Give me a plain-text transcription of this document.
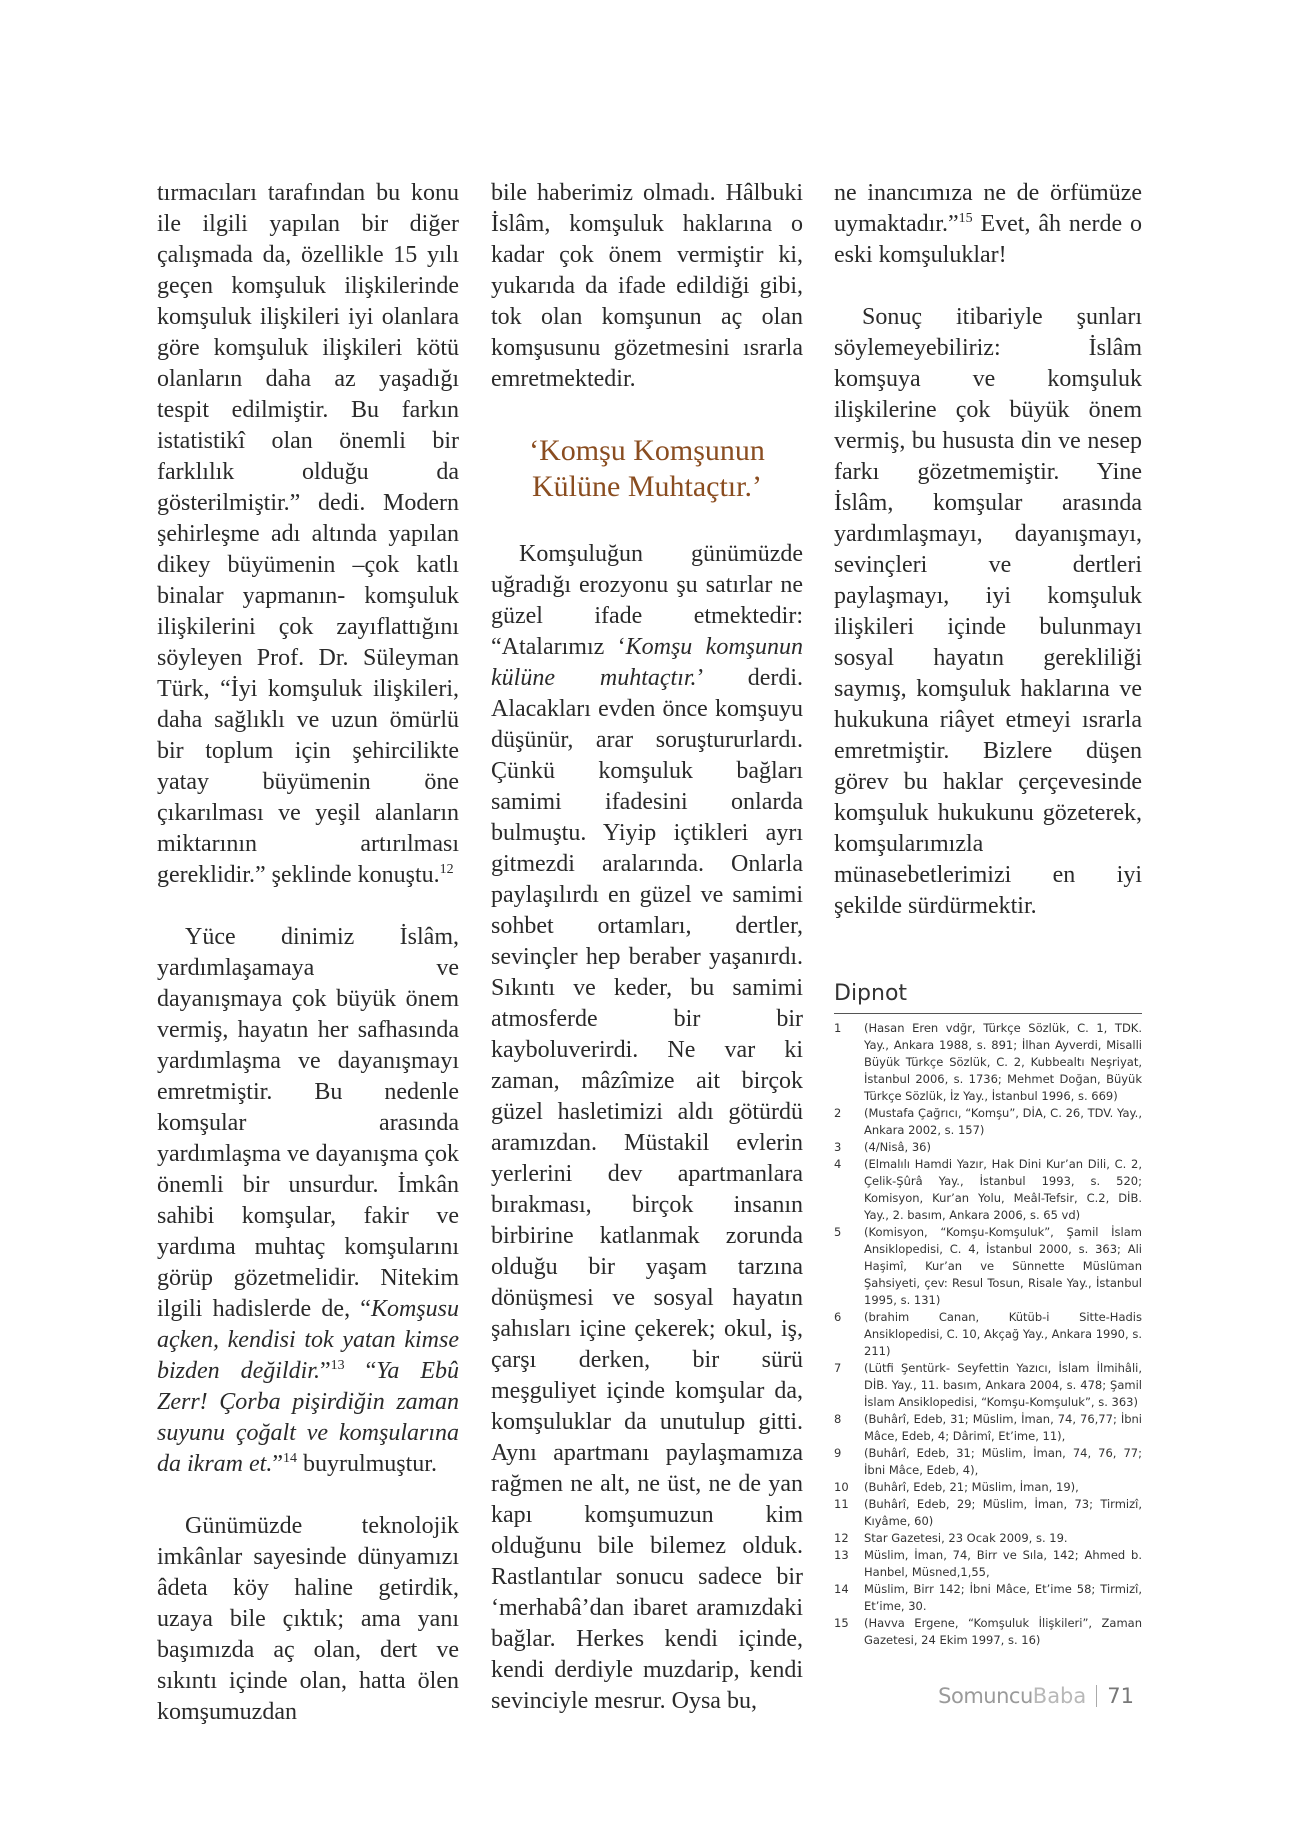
tırmacıları tarafından bu konu ile ilgili yapılan bir diğer çalışmada da, özellikle 15 yılı geçen komşuluk ilişkilerinde komşuluk ilişkileri iyi olanlara göre komşuluk ilişkileri kötü olanların daha az yaşadığı tespit edilmiştir. Bu farkın istatistikî olan önemli bir farklılık olduğu da gösterilmiştir.” dedi. Modern şehirleşme adı altında yapılan dikey büyümenin –çok katlı binalar yapmanın- komşuluk ilişkilerini çok zayıflattığını söyleyen Prof. Dr. Süleyman Türk, “İyi komşuluk ilişkileri, daha sağlıklı ve uzun ömürlü bir toplum için şehircilikte yatay büyümenin öne çıkarılması ve yeşil alanların miktarının artırılması gereklidir.” şeklinde konuştu.$^{12}$

Yüce dinimiz İslâm, yardımlaşamaya ve dayanışmaya çok büyük önem vermiş, hayatın her safhasında yardımlaşma ve dayanışmayı emretmiştir. Bu nedenle komşular arasında yardımlaşma ve dayanışma çok önemli bir unsurdur. İmkân sahibi komşular, fakir ve yardıma muhtaç komşularını görüp gözetmelidir. Nitekim ilgili hadislerde de, “Komşusu açken, kendisi tok yatan kimse bizden değildir.”$^{13}$ “Ya Ebû Zerr! Çorba pişirdiğin zaman suyunu çoğalt ve komşularına da ikram et.”$^{14}$ buyrulmuştur.

Günümüzde teknolojik imkânlar sayesinde dünyamızı âdeta köy haline getirdik, uzaya bile çıktık; ama yanı başımızda aç olan, dert ve sıkıntı içinde olan, hatta ölen komşumuzdan

bile haberimiz olmadı. Hâlbuki İslâm, komşuluk haklarına o kadar çok önem vermiştir ki, yukarıda da ifade edildiği gibi, tok olan komşunun aç olan komşusunu gözetmesini ısrarla emretmektedir.

‘Komşu Komşunun Külüne Muhtaçtır.’

Komşuluğun günümüzde uğradığı erozyonu şu satırlar ne güzel ifade etmektedir: “Atalarımız ‘Komşu komşunun külüne muhtaçtır.’ derdi. Alacakları evden önce komşuyu düşünür, arar soruştururlardı. Çünkü komşuluk bağları samimi ifadesini onlarda bulmuştu. Yiyip içtikleri ayrı gitmezdi aralarında. Onlarla paylaşılırdı en güzel ve samimi sohbet ortamları, dertler, sevinçler hep beraber yaşanırdı. Sıkıntı ve keder, bu samimi atmosferde bir bir kayboluverirdi. Ne var ki zaman, mâzîmize ait birçok güzel hasletimizi aldı götürdü aramızdan. Müstakil evlerin yerlerini dev apartmanlara bırakması, birçok insanın birbirine katlanmak zorunda olduğu bir yaşam tarzına dönüşmesi ve sosyal hayatın şahısları içine çekerek; okul, iş, çarşı derken, bir sürü meşguliyet içinde komşular da, komşuluklar da unutulup gitti. Aynı apartmanı paylaşmamıza rağmen ne alt, ne üst, ne de yan kapı komşumuzun kim olduğunu bile bilemez olduk. Rastlantılar sonucu sadece bir ‘merhabâ’dan ibaret aramızdaki bağlar. Herkes kendi içinde, kendi derdiyle muzdarip, kendi sevinciyle mesrur. Oysa bu,

ne inancımıza ne de örfümüze uymaktadır.”$^{15}$ Evet, âh nerde o eski komşuluklar!

Sonuç itibariyle şunları söylemeyebiliriz: İslâm komşuya ve komşuluk ilişkilerine çok büyük önem vermiş, bu hususta din ve nesep farkı gözetmemiştir. Yine İslâm, komşular arasında yardımlaşmayı, dayanışmayı, sevinçleri ve dertleri paylaşmayı, iyi komşuluk ilişkileri içinde bulunmayı sosyal hayatın gerekliliği saymış, komşuluk haklarına ve hukukuna riâyet etmeyi ısrarla emretmiştir. Bizlere düşen görev bu haklar çerçevesinde komşuluk hukukunu gözeterek, komşularımızla münasebetlerimizi en iyi şekilde sürdürmektir.

Dipnot
1	(Hasan Eren vdğr, Türkçe Sözlük, C. 1, TDK. Yay., Ankara 1988, s. 891; İlhan Ayverdi, Misalli Büyük Türkçe Sözlük, C. 2, Kubbealtı Neşriyat, İstanbul 2006, s. 1736; Mehmet Doğan, Büyük Türkçe Sözlük, İz Yay., İstanbul 1996, s. 669)
2	(Mustafa Çağrıcı, “Komşu”, DİA, C. 26, TDV. Yay., Ankara 2002, s. 157)
3	(4/Nisâ, 36)
4	(Elmalılı Hamdi Yazır, Hak Dini Kur’an Dili, C. 2, Çelik-Şûrâ Yay., İstanbul 1993, s. 520; Komisyon, Kur’an Yolu, Meâl-Tefsir, C.2, DİB. Yay., 2. basım, Ankara 2006, s. 65 vd)
5	(Komisyon, “Komşu-Komşuluk”, Şamil İslam Ansiklopedisi, C. 4, İstanbul 2000, s. 363; Ali Haşimî, Kur’an ve Sünnette Müslüman Şahsiyeti, çev: Resul Tosun, Risale Yay., İstanbul 1995, s. 131)
6	(brahim Canan, Kütüb-i Sitte-Hadis Ansiklopedisi, C. 10, Akçağ Yay., Ankara 1990, s. 211)
7	(Lütfi Şentürk- Seyfettin Yazıcı, İslam İlmihâli, DİB. Yay., 11. basım, Ankara 2004, s. 478; Şamil İslam Ansiklopedisi, “Komşu-Komşuluk”, s. 363)
8	(Buhârî, Edeb, 31; Müslim, İman, 74, 76,77; İbni Mâce, Edeb, 4; Dârimî, Et’ime, 11),
9	(Buhârî, Edeb, 31; Müslim, İman, 74, 76, 77; İbni Mâce, Edeb, 4),
10	(Buhârî, Edeb, 21; Müslim, İman, 19),
11	(Buhârî, Edeb, 29; Müslim, İman, 73; Tirmizî, Kıyâme, 60)
12	Star Gazetesi, 23 Ocak 2009, s. 19.
13	Müslim, İman, 74, Birr ve Sıla, 142; Ahmed b. Hanbel, Müsned,1,55,
14	Müslim, Birr 142; İbni Mâce, Et’ime 58; Tirmizî, Et’ime, 30.
15	(Havva Ergene, “Komşuluk İlişkileri”, Zaman Gazetesi, 24 Ekim 1997, s. 16)
SomuncuBaba 71
